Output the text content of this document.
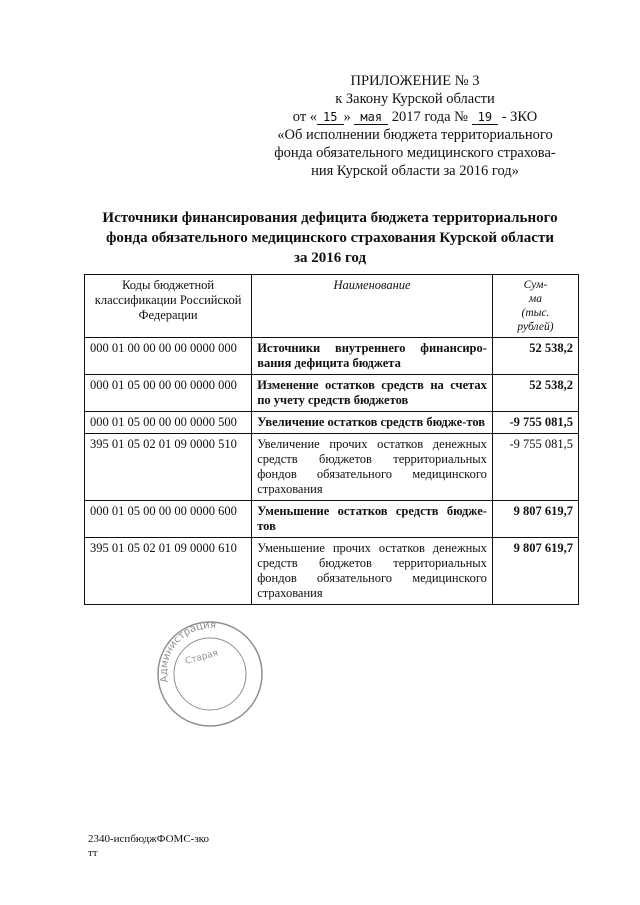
ПРИЛОЖЕНИЕ № 3
к Закону Курской области
от « 15 » мая 2017 года № 19 - ЗКО
«Об исполнении бюджета территориального
фонда обязательного медицинского страхова-
ния Курской области за 2016 год»
Источники финансирования дефицита бюджета территориального
фонда обязательного медицинского страхования Курской области
за 2016 год
Коды бюджетной классификации Российской Федерации	Наименование	Сум-
ма
(тыс.
рублей)

000 01 00 00 00 00 0000 000	Источники внутреннего финансиро-вания дефицита бюджета	52 538,2
000 01 05 00 00 00 0000 000	Изменение остатков средств на счетах по учету средств бюджетов	52 538,2
000 01 05 00 00 00 0000 500	Увеличение остатков средств бюдже-тов	-9 755 081,5
395 01 05 02 01 09 0000 510	Увеличение прочих остатков денежных средств бюджетов территориальных фондов обязательного медицинского страхования	-9 755 081,5
000 01 05 00 00 00 0000 600	Уменьшение остатков средств бюдже-тов	9 807 619,7
395 01 05 02 01 09 0000 610	Уменьшение прочих остатков денежных средств бюджетов территориальных фондов обязательного медицинского страхования	9 807 619,7
Администрация
Старая
2340-испбюджФОМС-зко
тт
